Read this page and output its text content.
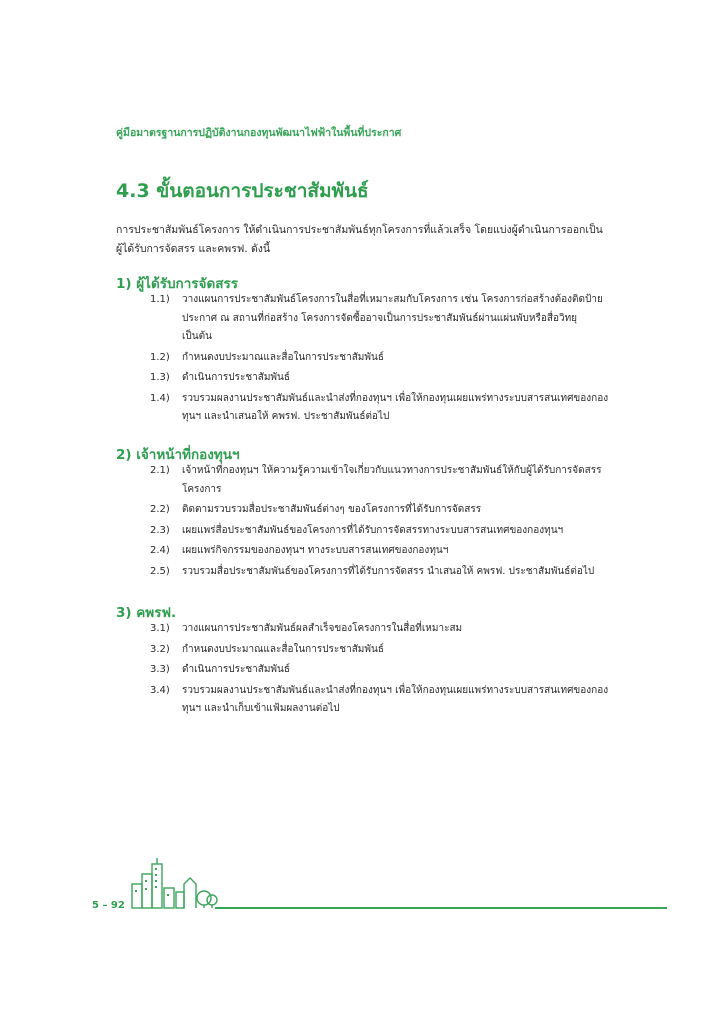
คู่มือมาตรฐานการปฏิบัติงานกองทุนพัฒนาไฟฟ้าในพื้นที่ประกาศ
4.3 ขั้นตอนการประชาสัมพันธ์

การประชาสัมพันธ์โครงการ ให้ดำเนินการประชาสัมพันธ์ทุกโครงการที่แล้วเสร็จ โดยแบ่งผู้ดำเนินการออกเป็น

ผู้ได้รับการจัดสรร และคพรฟ. ดังนี้

1) ผู้ได้รับการจัดสรร
1.1)	วางแผนการประชาสัมพันธ์โครงการในสื่อที่เหมาะสมกับโครงการ เช่น โครงการก่อสร้างต้องติดป้ายประกาศ ณ สถานที่ก่อสร้าง โครงการจัดซื้ออาจเป็นการประชาสัมพันธ์ผ่านแผ่นพับหรือสื่อวิทยุ เป็นต้น
1.2)	กำหนดงบประมาณและสื่อในการประชาสัมพันธ์
1.3)	ดำเนินการประชาสัมพันธ์
1.4)	รวบรวมผลงานประชาสัมพันธ์และนำส่งที่กองทุนฯ เพื่อให้กองทุนเผยแพร่ทางระบบสารสนเทศของกองทุนฯ และนำเสนอให้ คพรฟ. ประชาสัมพันธ์ต่อไป
2) เจ้าหน้าที่กองทุนฯ
2.1)	เจ้าหน้าที่กองทุนฯ ให้ความรู้ความเข้าใจเกี่ยวกับแนวทางการประชาสัมพันธ์ให้กับผู้ได้รับการจัดสรรโครงการ
2.2)	ติดตามรวบรวมสื่อประชาสัมพันธ์ต่างๆ ของโครงการที่ได้รับการจัดสรร
2.3)	เผยแพร่สื่อประชาสัมพันธ์ของโครงการที่ได้รับการจัดสรรทางระบบสารสนเทศของกองทุนฯ
2.4)	เผยแพร่กิจกรรมของกองทุนฯ ทางระบบสารสนเทศของกองทุนฯ
2.5)	รวบรวมสื่อประชาสัมพันธ์ของโครงการที่ได้รับการจัดสรร นำเสนอให้ คพรฟ. ประชาสัมพันธ์ต่อไป
3) คพรฟ.
3.1)	วางแผนการประชาสัมพันธ์ผลสำเร็จของโครงการในสื่อที่เหมาะสม
3.2)	กำหนดงบประมาณและสื่อในการประชาสัมพันธ์
3.3)	ดำเนินการประชาสัมพันธ์
3.4)	รวบรวมผลงานประชาสัมพันธ์และนำส่งที่กองทุนฯ เพื่อให้กองทุนเผยแพร่ทางระบบสารสนเทศของกองทุนฯ และนำเก็บเข้าแฟ้มผลงานต่อไป
5 – 92
